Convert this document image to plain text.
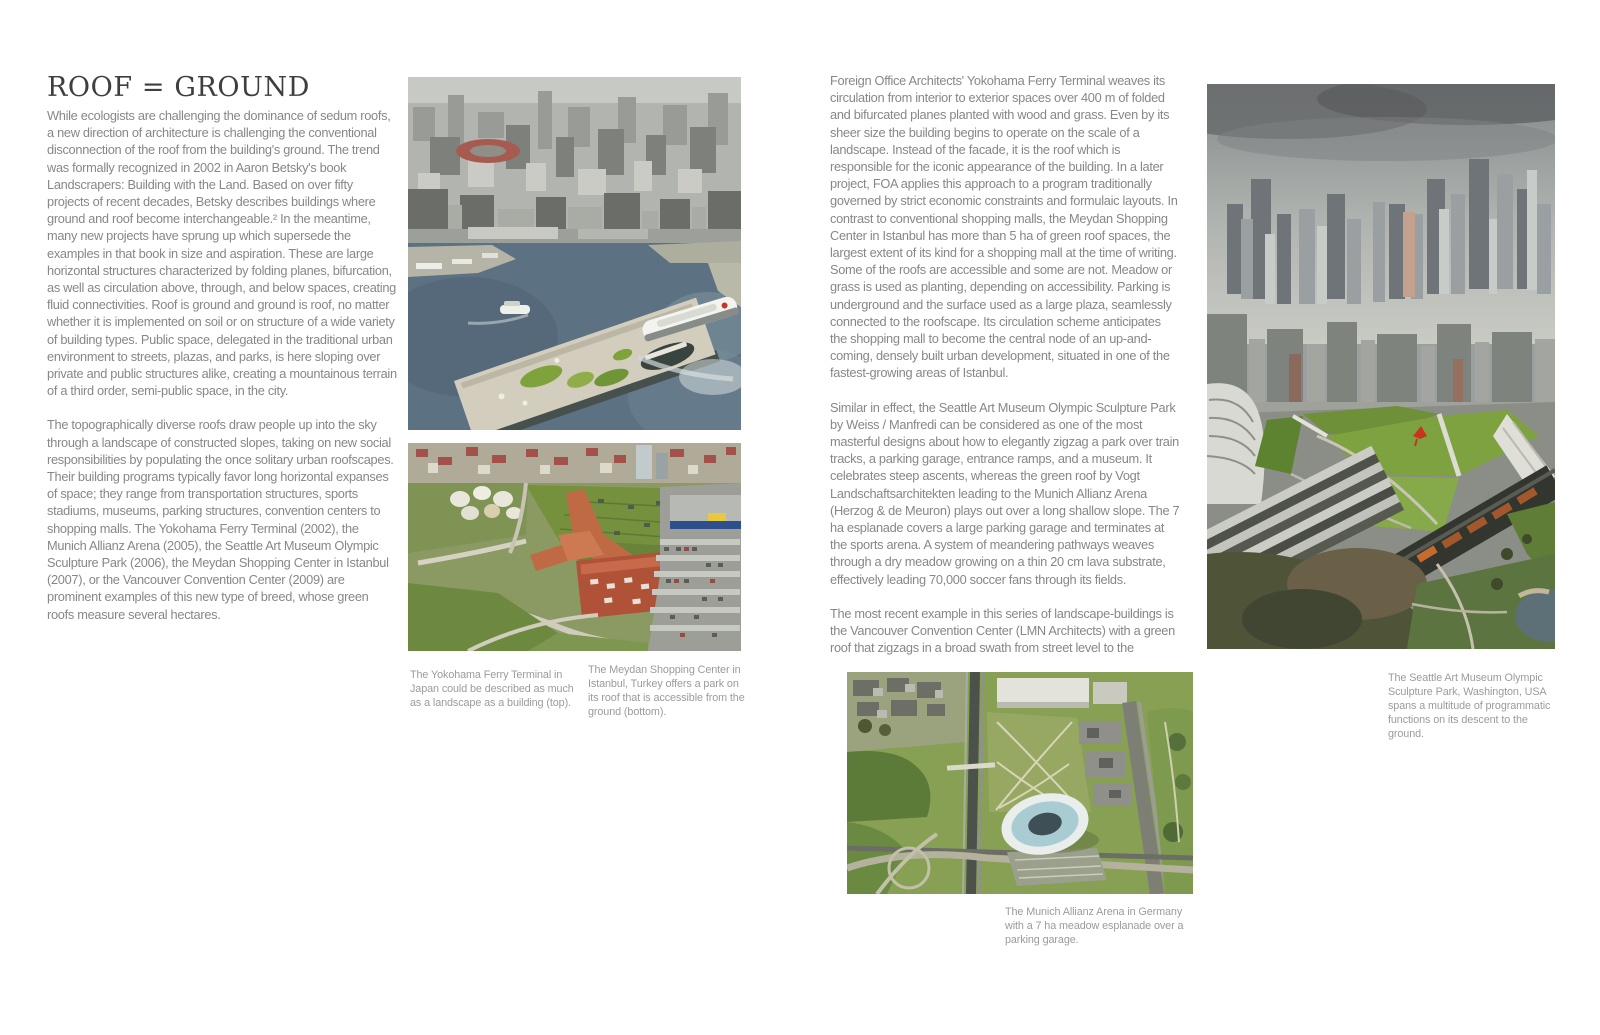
ROOF = GROUND

While ecologists are challenging the dominance of sedum roofs, a new direction of architecture is challenging the conventional disconnection of the roof from the building's ground. The trend was formally recognized in 2002 in Aaron Betsky's book Landscrapers: Building with the Land. Based on over fifty projects of recent decades, Betsky describes buildings where ground and roof become interchangeable.² In the meantime, many new projects have sprung up which supersede the examples in that book in size and aspiration. These are large horizontal structures characterized by folding planes, bifurcation, as well as circulation above, through, and below spaces, creating fluid connectivities. Roof is ground and ground is roof, no matter whether it is implemented on soil or on structure of a wide variety of building types. Public space, delegated in the traditional urban environment to streets, plazas, and parks, is here sloping over private and public structures alike, creating a mountainous terrain of a third order, semi-public space, in the city.

The topographically diverse roofs draw people up into the sky through a landscape of constructed slopes, taking on new social responsibilities by populating the once solitary urban roofscapes. Their building programs typically favor long horizontal expanses of space; they range from transportation structures, sports stadiums, museums, parking structures, convention centers to shopping malls. The Yokohama Ferry Terminal (2002), the Munich Allianz Arena (2005), the Seattle Art Museum Olympic Sculpture Park (2006), the Meydan Shopping Center in Istanbul (2007), or the Vancouver Convention Center (2009) are prominent examples of this new type of breed, whose green roofs measure several hectares.

The Yokohama Ferry Terminal in Japan could be described as much as a landscape as a building (top).
The Meydan Shopping Center in Istanbul, Turkey offers a park on its roof that is accessible from the ground (bottom).

Foreign Office Architects' Yokohama Ferry Terminal weaves its circulation from interior to exterior spaces over 400 m of folded and bifurcated planes planted with wood and grass. Even by its sheer size the building begins to operate on the scale of a landscape. Instead of the facade, it is the roof which is responsible for the iconic appearance of the building. In a later project, FOA applies this approach to a program traditionally governed by strict economic constraints and formulaic layouts. In contrast to conventional shopping malls, the Meydan Shopping Center in Istanbul has more than 5 ha of green roof spaces, the largest extent of its kind for a shopping mall at the time of writing. Some of the roofs are accessible and some are not. Meadow or grass is used as planting, depending on accessibility. Parking is underground and the surface used as a large plaza, seamlessly connected to the roofscape. Its circulation scheme anticipates the shopping mall to become the central node of an up-and-coming, densely built urban development, situated in one of the fastest-growing areas of Istanbul.

Similar in effect, the Seattle Art Museum Olympic Sculpture Park by Weiss / Manfredi can be considered as one of the most masterful designs about how to elegantly zigzag a park over train tracks, a parking garage, entrance ramps, and a museum. It celebrates steep ascents, whereas the green roof by Vogt Landschaftsarchitekten leading to the Munich Allianz Arena (Herzog & de Meuron) plays out over a long shallow slope. The 7 ha esplanade covers a large parking garage and terminates at the sports arena. A system of meandering pathways weaves through a dry meadow growing on a thin 20 cm lava substrate, effectively leading 70,000 soccer fans through its fields.

The most recent example in this series of landscape-buildings is the Vancouver Convention Center (LMN Architects) with a green roof that zigzags in a broad swath from street level to the

The Seattle Art Museum Olympic Sculpture Park, Washington, USA spans a multitude of programmatic functions on its descent to the ground.
The Munich Allianz Arena in Germany with a 7 ha meadow esplanade over a parking garage.
